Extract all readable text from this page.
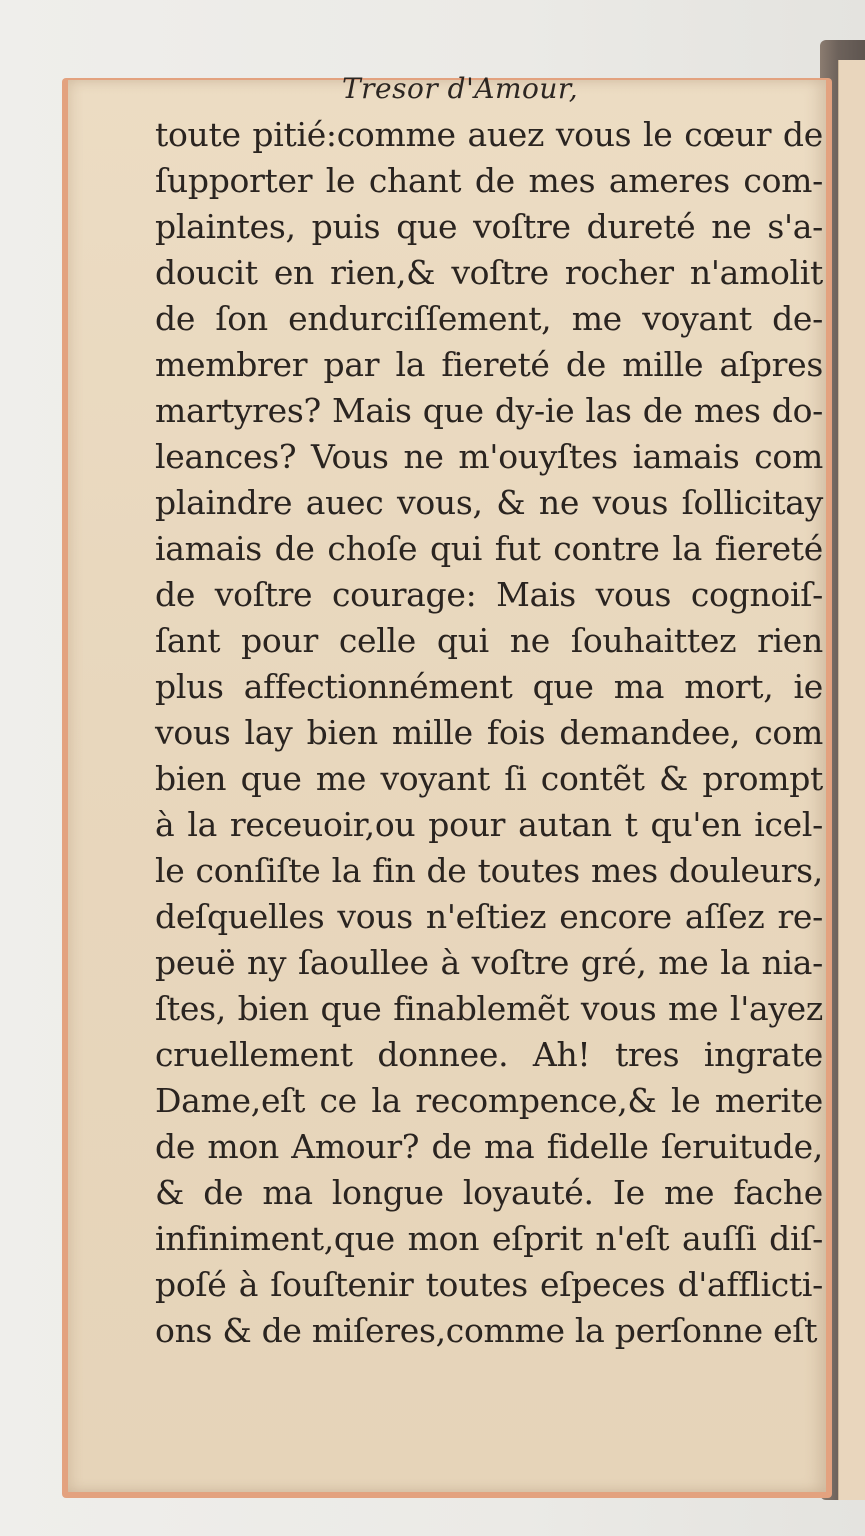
Tresor d'Amour,
toute pitié:comme auez vous le cœur de
ſupporter le chant de mes ameres com-
plaintes, puis que voſtre dureté ne s'a-
doucit en rien,& voſtre rocher n'amolit
de ſon endurciſſement, me voyant de-
membrer par la fiereté de mille aſpres
martyres? Mais que dy-ie las de mes do-
leances? Vous ne m'ouyſtes iamais com
plaindre auec vous, & ne vous ſollicitay
iamais de choſe qui fut contre la fiereté
de voſtre courage: Mais vous cognoiſ-
ſant pour celle qui ne ſouhaittez rien
plus affectionnément que ma mort, ie
vous lay bien mille fois demandee, com
bien que me voyant ſi contẽt & prompt
à la receuoir,ou pour autan t qu'en icel-
le conſiſte la fin de toutes mes douleurs,
deſquelles vous n'eſtiez encore aſſez re-
peuë ny ſaoullee à voſtre gré, me la nia-
ſtes, bien que finablemẽt vous me l'ayez
cruellement donnee. Ah! tres ingrate
Dame,eſt ce la recompence,& le merite
de mon Amour? de ma fidelle ſeruitude,
& de ma longue loyauté. Ie me fache
infiniment,que mon eſprit n'eſt auſſi diſ-
poſé à ſouſtenir toutes eſpeces d'afflicti-
ons & de miſeres,comme la perſonne eſt
